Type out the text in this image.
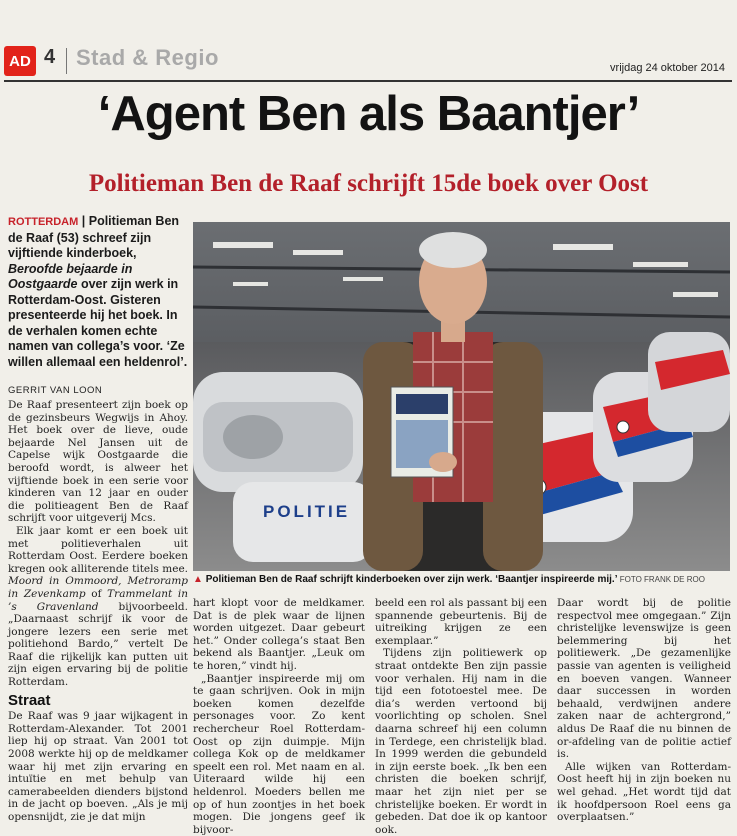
AD 4 Stad & Regio	vrijdag 24 oktober 2014
‘Agent Ben als Baantjer’
Politieman Ben de Raaf schrijft 15de boek over Oost
ROTTERDAM | Politieman Ben de Raaf (53) schreef zijn vijftiende kinderboek, Beroofde bejaarde in Oostgaarde over zijn werk in Rotterdam-Oost. Gisteren presenteerde hij het boek. In de verhalen komen echte namen van collega’s voor. ‘Ze willen allemaal een heldenrol’.
GERRIT VAN LOON

De Raaf presenteert zijn boek op de gezinsbeurs Wegwijs in Ahoy. Het boek over de lieve, oude bejaarde Nel Jansen uit de Capelse wijk Oostgaarde die beroofd wordt, is alweer het vijftiende boek in een serie voor kinderen van 12 jaar en ouder die politieagent Ben de Raaf schrijft voor uitgeverij Mcs.

Elk jaar komt er een boek uit met politieverhalen uit Rotterdam Oost. Eerdere boeken kregen ook alliterende titels mee. Moord in Ommoord, Metroramp in Zevenkamp of Trammelant in ’s Gravenland bijvoorbeeld. „Daarnaast schrijf ik voor de jongere lezers een serie met politiehond Bardo,” vertelt De Raaf die rijkelijk kan putten uit zijn eigen ervaring bij de politie Rotterdam.

Straat

De Raaf was 9 jaar wijkagent in Rotterdam-Alexander. Tot 2001 liep hij op straat. Van 2001 tot 2008 werkte hij op de meldkamer waar hij met zijn ervaring en intuïtie en met behulp van camerabeelden dienders bijstond in de jacht op boeven. „Als je mij opensnijdt, zie je dat mijn

POLITIE
▲ Politieman Ben de Raaf schrijft kinderboeken over zijn werk. ‘Baantjer inspireerde mij.’ FOTO FRANK DE ROO

hart klopt voor de meldkamer. Dat is de plek waar de lijnen worden uitgezet. Daar gebeurt het.” Onder collega’s staat Ben bekend als Baantjer. „Leuk om te horen,” vindt hij.

„Baantjer inspireerde mij om te gaan schrijven. Ook in mijn boeken komen dezelfde personages voor. Zo kent rechercheur Roel Rotterdam-Oost op zijn duimpje. Mijn collega Kok op de meldkamer speelt een rol. Met naam en al. Uiteraard wilde hij een heldenrol. Moeders bellen me op of hun zoontjes in het boek mogen. Die jongens geef ik bijvoor-

beeld een rol als passant bij een spannende gebeurtenis. Bij de uitreiking krijgen ze een exemplaar.”

Tijdens zijn politiewerk op straat ontdekte Ben zijn passie voor verhalen. Hij nam in die tijd een fototoestel mee. De dia’s werden vertoond bij voorlichting op scholen. Snel daarna schreef hij een column in Terdege, een christelijk blad. In 1999 werden die gebundeld in zijn eerste boek. „Ik ben een christen die boeken schrijf, maar het zijn niet per se christelijke boeken. Er wordt in gebeden. Dat doe ik op kantoor ook.

Daar wordt bij de politie respectvol mee omgegaan.” Zijn christelijke levenswijze is geen belemmering bij het politiewerk. „De gezamenlijke passie van agenten is veiligheid en boeven vangen. Wanneer daar successen in worden behaald, verdwijnen andere zaken naar de achtergrond,” aldus De Raaf die nu binnen de or-afdeling van de politie actief is.

Alle wijken van Rotterdam-Oost heeft hij in zijn boeken nu wel gehad. „Het wordt tijd dat ik hoofdpersoon Roel eens ga overplaatsen.”
